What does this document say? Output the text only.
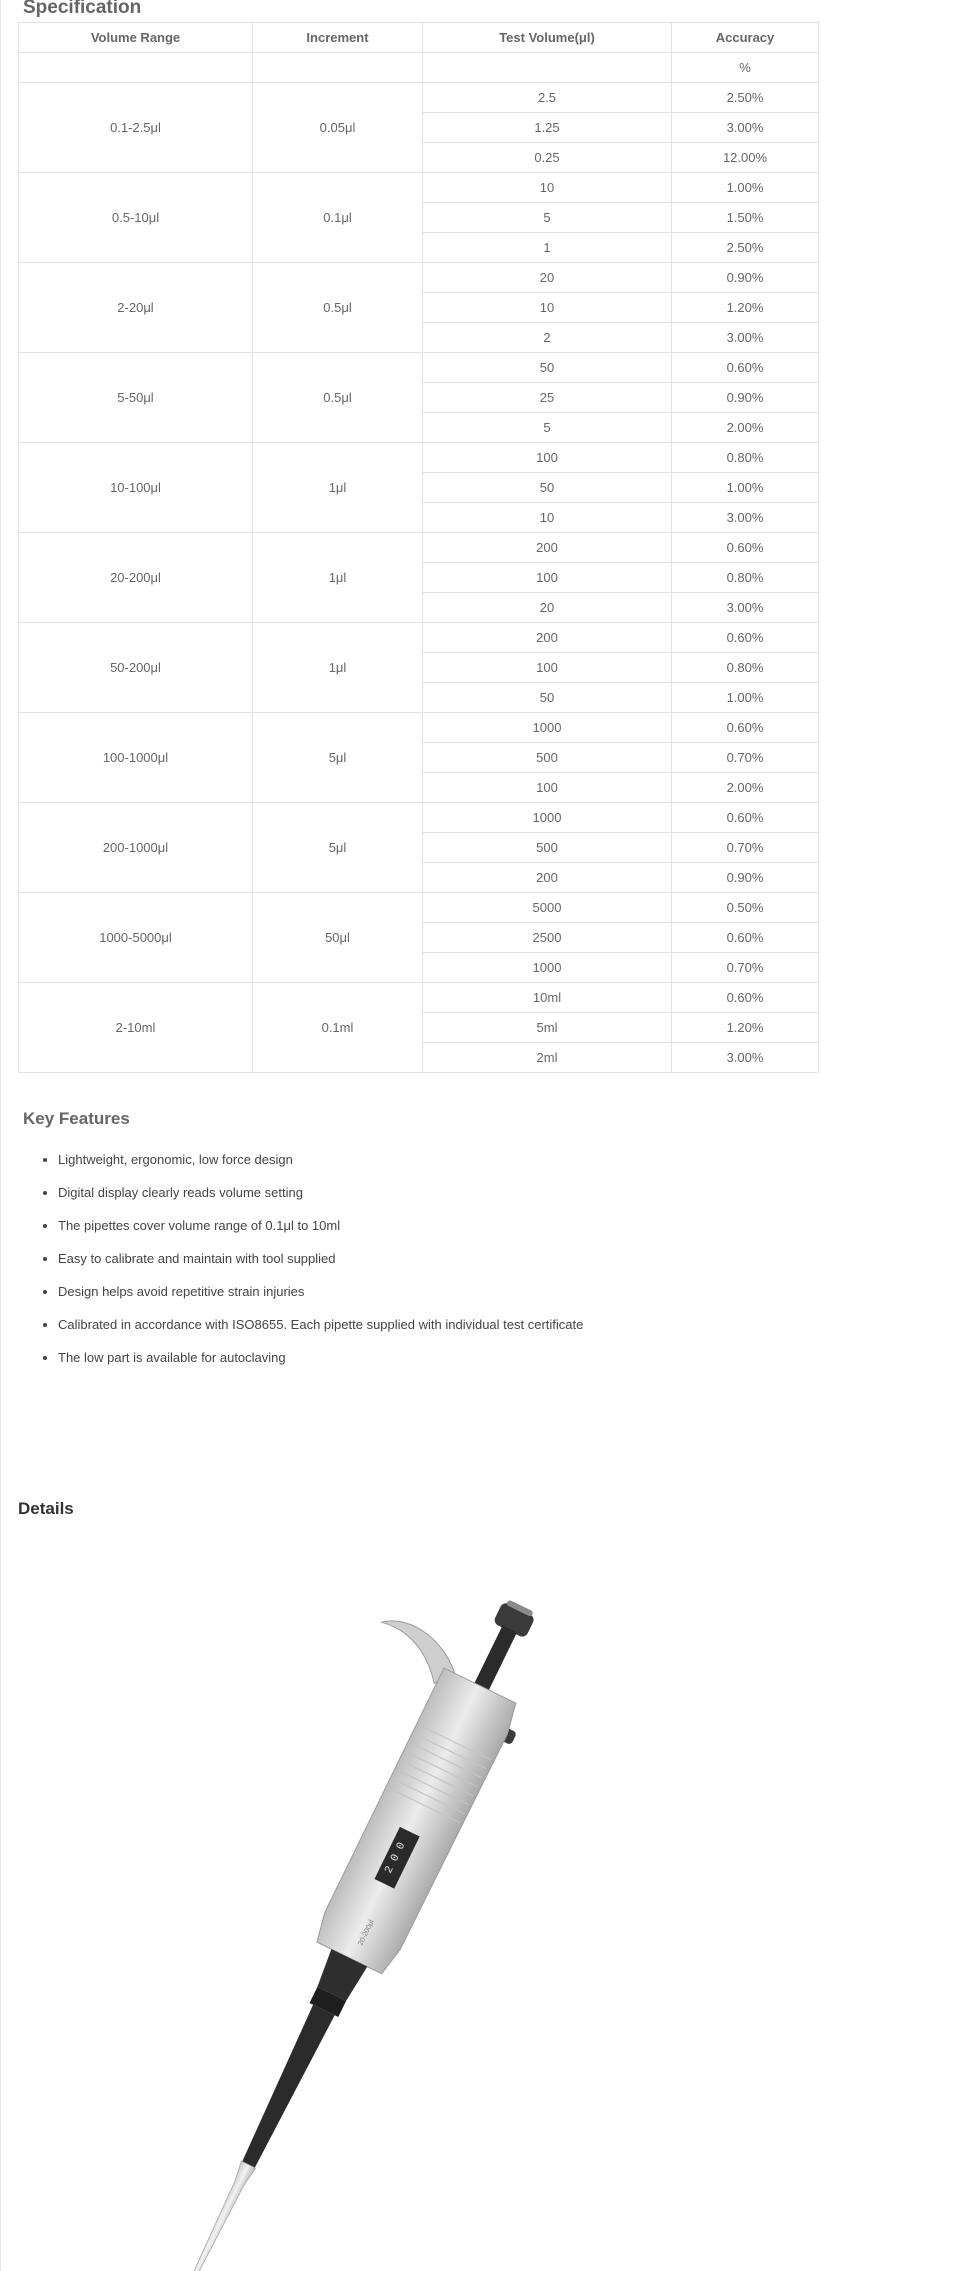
Specification
Volume Range	Increment	Test Volume(μl)	Accuracy
			%
0.1-2.5μl	0.05μl	2.5	2.50%
		1.25	3.00%
		0.25	12.00%
0.5-10μl	0.1μl	10	1.00%
		5	1.50%
		1	2.50%
2-20μl	0.5μl	20	0.90%
		10	1.20%
		2	3.00%
5-50μl	0.5μl	50	0.60%
		25	0.90%
		5	2.00%
10-100μl	1μl	100	0.80%
		50	1.00%
		10	3.00%
20-200μl	1μl	200	0.60%
		100	0.80%
		20	3.00%
50-200μl	1μl	200	0.60%
		100	0.80%
		50	1.00%
100-1000μl	5μl	1000	0.60%
		500	0.70%
		100	2.00%
200-1000μl	5μl	1000	0.60%
		500	0.70%
		200	0.90%
1000-5000μl	50μl	5000	0.50%
		2500	0.60%
		1000	0.70%
2-10ml	0.1ml	10ml	0.60%
		5ml	1.20%
		2ml	3.00%
Key Features
• Lightweight, ergonomic, low force design
• Digital display clearly reads volume setting
• The pipettes cover volume range of 0.1μl to 10ml
• Easy to calibrate and maintain with tool supplied
• Design helps avoid repetitive strain injuries
• Calibrated in accordance with ISO8655. Each pipette supplied with individual test certificate
• The low part is available for autoclaving
Details
2 0 0
20-200μl
